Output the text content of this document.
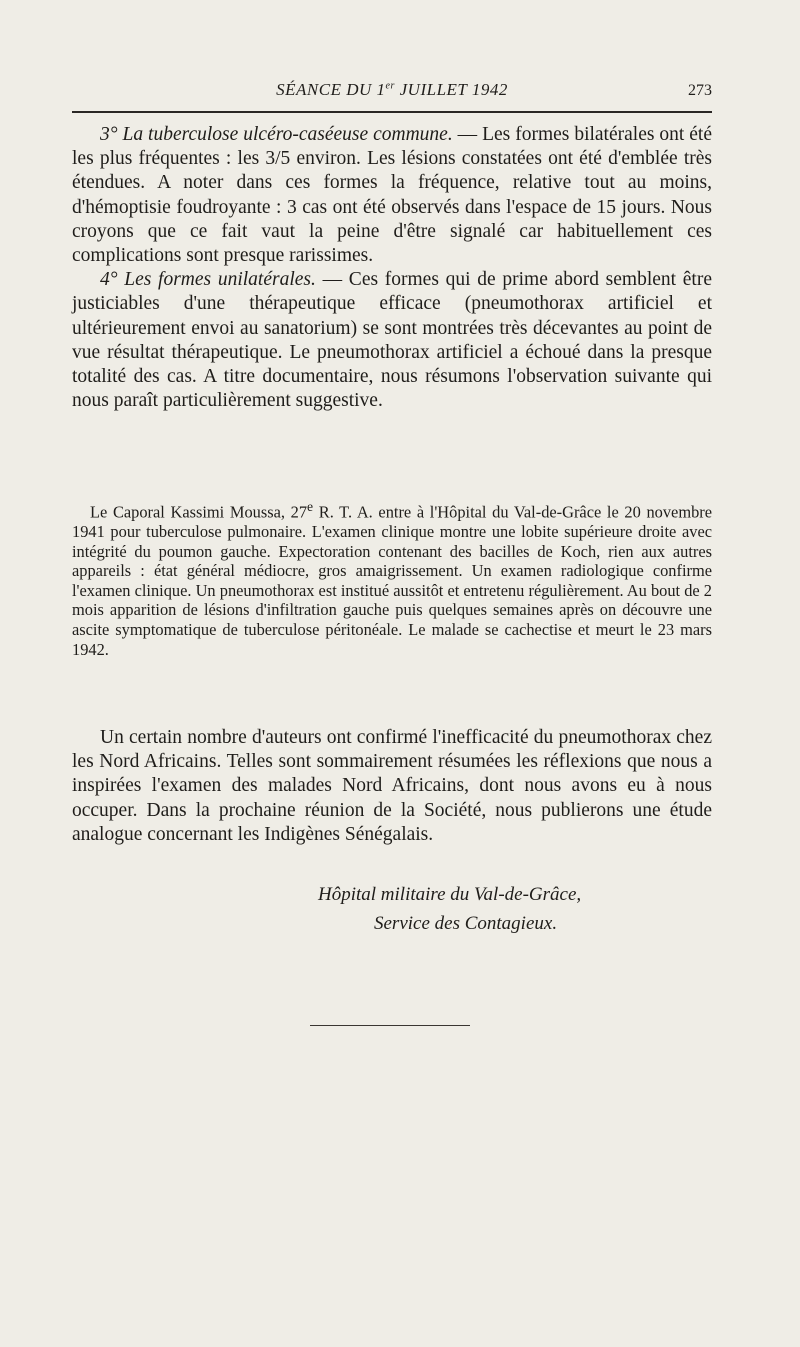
SÉANCE DU 1er JUILLET 1942	273

3° La tuberculose ulcéro-caséeuse commune. — Les formes bilatérales ont été les plus fréquentes : les 3/5 environ. Les lésions constatées ont été d'emblée très étendues. A noter dans ces formes la fréquence, relative tout au moins, d'hémoptisie foudroyante : 3 cas ont été observés dans l'espace de 15 jours. Nous croyons que ce fait vaut la peine d'être signalé car habituellement ces complications sont presque rarissimes.

4° Les formes unilatérales. — Ces formes qui de prime abord semblent être justiciables d'une thérapeutique efficace (pneumothorax artificiel et ultérieurement envoi au sanatorium) se sont montrées très décevantes au point de vue résultat thérapeutique. Le pneumothorax artificiel a échoué dans la presque totalité des cas. A titre documentaire, nous résumons l'observation suivante qui nous paraît particulièrement suggestive.

Le Caporal Kassimi Moussa, 27e R. T. A. entre à l'Hôpital du Val-de-Grâce le 20 novembre 1941 pour tuberculose pulmonaire. L'examen clinique montre une lobite supérieure droite avec intégrité du poumon gauche. Expectoration contenant des bacilles de Koch, rien aux autres appareils : état général médiocre, gros amaigrissement. Un examen radiologique confirme l'examen clinique. Un pneumothorax est institué aussitôt et entretenu régulièrement. Au bout de 2 mois apparition de lésions d'infiltration gauche puis quelques semaines après on découvre une ascite symptomatique de tuberculose péritonéale. Le malade se cachectise et meurt le 23 mars 1942.

Un certain nombre d'auteurs ont confirmé l'inefficacité du pneumothorax chez les Nord Africains. Telles sont sommairement résumées les réflexions que nous a inspirées l'examen des malades Nord Africains, dont nous avons eu à nous occuper. Dans la prochaine réunion de la Société, nous publierons une étude analogue concernant les Indigènes Sénégalais.

Hôpital militaire du Val-de-Grâce,
Service des Contagieux.
